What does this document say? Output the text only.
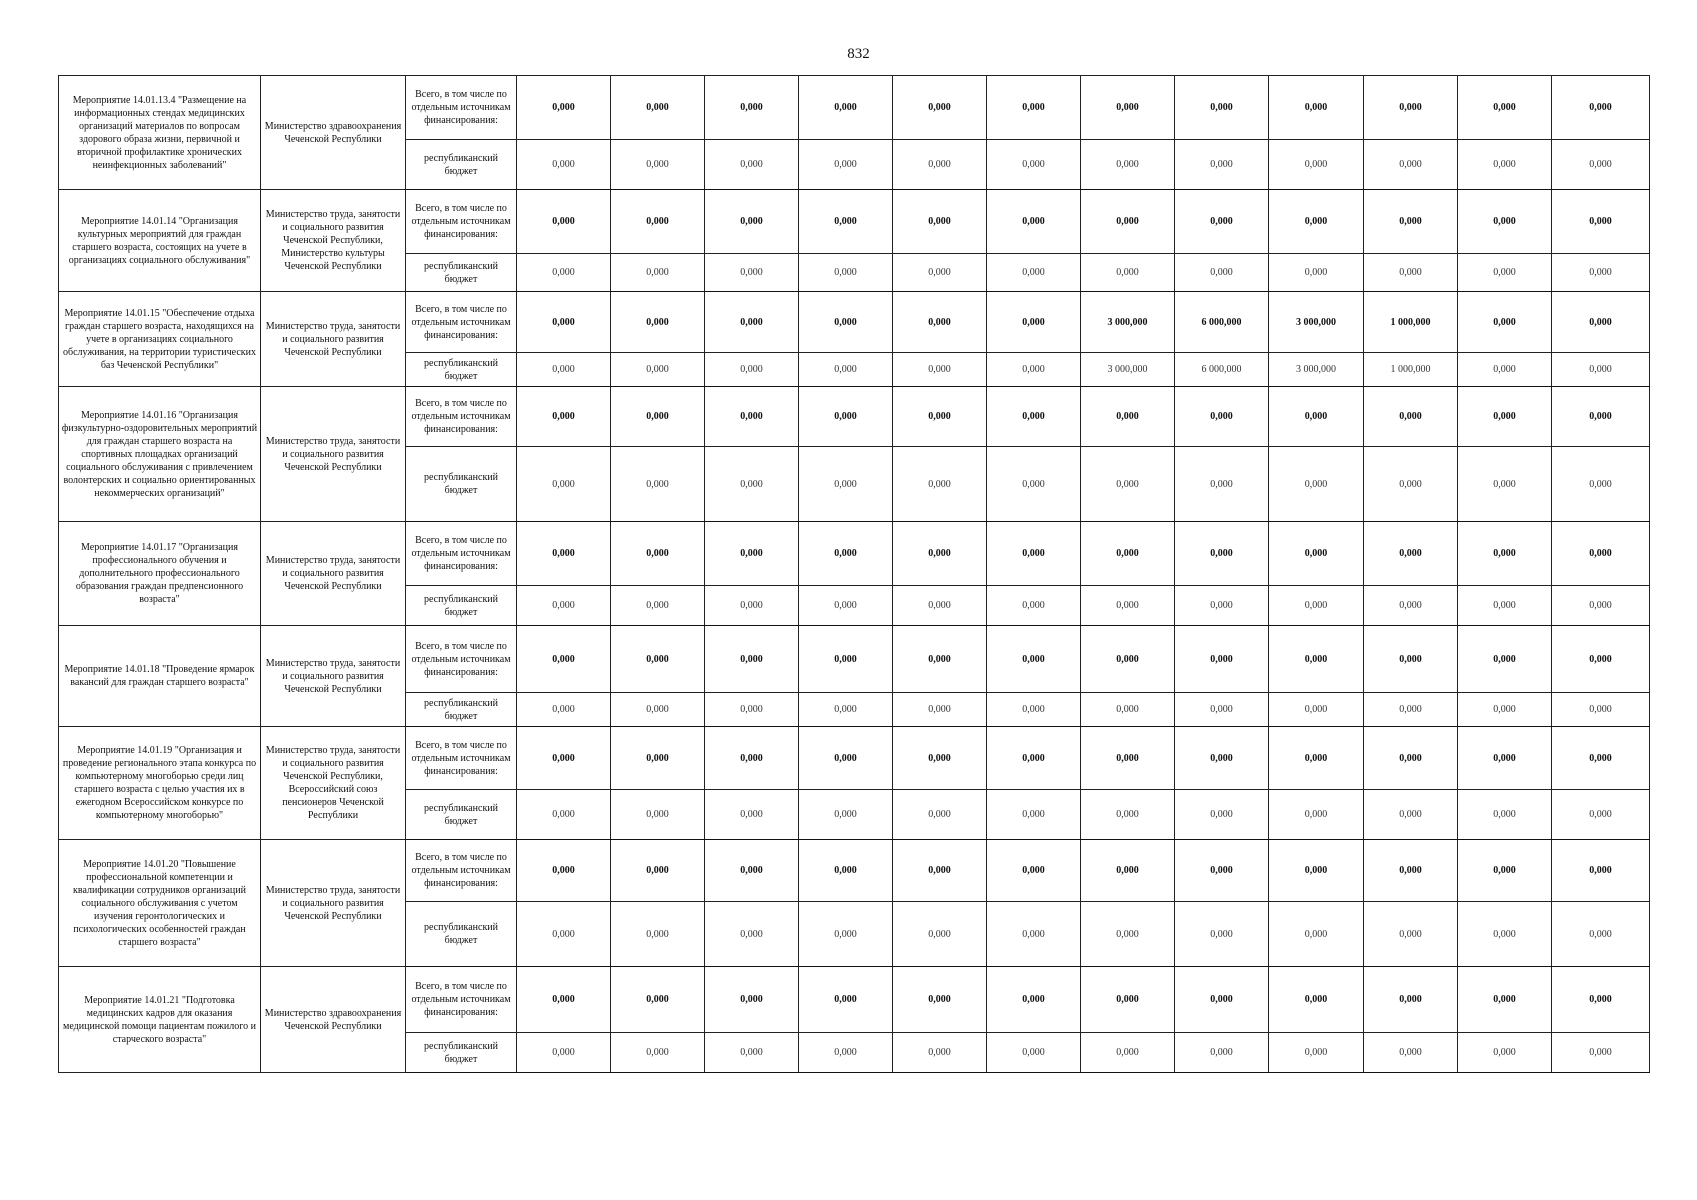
832
Мероприятие 14.01.13.4 "Размещение на информационных стендах медицинских организаций материалов по вопросам здорового образа жизни, первичной и вторичной профилактике хронических неинфекционных заболеваний"	Министерство здравоохранения Чеченской Республики	Всего, в том числе по отдельным источникам финансирования:	0,000	0,000	0,000	0,000	0,000	0,000	0,000	0,000	0,000	0,000	0,000	0,000
		республиканский бюджет	0,000	0,000	0,000	0,000	0,000	0,000	0,000	0,000	0,000	0,000	0,000	0,000
Мероприятие 14.01.14 "Организация культурных мероприятий для граждан старшего возраста, состоящих на учете в организациях социального обслуживания"	Министерство труда, занятости и социального развития Чеченской Республики, Министерство культуры Чеченской Республики	Всего, в том числе по отдельным источникам финансирования:	0,000	0,000	0,000	0,000	0,000	0,000	0,000	0,000	0,000	0,000	0,000	0,000
		республиканский бюджет	0,000	0,000	0,000	0,000	0,000	0,000	0,000	0,000	0,000	0,000	0,000	0,000
Мероприятие 14.01.15 "Обеспечение отдыха граждан старшего возраста, находящихся на учете в организациях социального обслуживания, на территории туристических баз Чеченской Республики"	Министерство труда, занятости и социального развития Чеченской Республики	Всего, в том числе по отдельным источникам финансирования:	0,000	0,000	0,000	0,000	0,000	0,000	3 000,000	6 000,000	3 000,000	1 000,000	0,000	0,000
		республиканский бюджет	0,000	0,000	0,000	0,000	0,000	0,000	3 000,000	6 000,000	3 000,000	1 000,000	0,000	0,000
Мероприятие 14.01.16 "Организация физкультурно-оздоровительных мероприятий для граждан старшего возраста на спортивных площадках организаций социального обслуживания с привлечением волонтерских и социально ориентированных некоммерческих организаций"	Министерство труда, занятости и социального развития Чеченской Республики	Всего, в том числе по отдельным источникам финансирования:	0,000	0,000	0,000	0,000	0,000	0,000	0,000	0,000	0,000	0,000	0,000	0,000
		республиканский бюджет	0,000	0,000	0,000	0,000	0,000	0,000	0,000	0,000	0,000	0,000	0,000	0,000
Мероприятие 14.01.17 "Организация профессионального обучения и дополнительного профессионального образования граждан предпенсионного возраста"	Министерство труда, занятости и социального развития Чеченской Республики	Всего, в том числе по отдельным источникам финансирования:	0,000	0,000	0,000	0,000	0,000	0,000	0,000	0,000	0,000	0,000	0,000	0,000
		республиканский бюджет	0,000	0,000	0,000	0,000	0,000	0,000	0,000	0,000	0,000	0,000	0,000	0,000
Мероприятие 14.01.18 "Проведение ярмарок вакансий для граждан старшего возраста"	Министерство труда, занятости и социального развития Чеченской Республики	Всего, в том числе по отдельным источникам финансирования:	0,000	0,000	0,000	0,000	0,000	0,000	0,000	0,000	0,000	0,000	0,000	0,000
		республиканский бюджет	0,000	0,000	0,000	0,000	0,000	0,000	0,000	0,000	0,000	0,000	0,000	0,000
Мероприятие 14.01.19 "Организация и проведение регионального этапа конкурса по компьютерному многоборью среди лиц старшего возраста с целью участия их в ежегодном Всероссийском конкурсе по компьютерному многоборью"	Министерство труда, занятости и социального развития Чеченской Республики, Всероссийский союз пенсионеров Чеченской Республики	Всего, в том числе по отдельным источникам финансирования:	0,000	0,000	0,000	0,000	0,000	0,000	0,000	0,000	0,000	0,000	0,000	0,000
		республиканский бюджет	0,000	0,000	0,000	0,000	0,000	0,000	0,000	0,000	0,000	0,000	0,000	0,000
Мероприятие 14.01.20 "Повышение профессиональной компетенции и квалификации сотрудников организаций социального обслуживания с учетом изучения геронтологических и психологических особенностей граждан старшего возраста"	Министерство труда, занятости и социального развития Чеченской Республики	Всего, в том числе по отдельным источникам финансирования:	0,000	0,000	0,000	0,000	0,000	0,000	0,000	0,000	0,000	0,000	0,000	0,000
		республиканский бюджет	0,000	0,000	0,000	0,000	0,000	0,000	0,000	0,000	0,000	0,000	0,000	0,000
Мероприятие 14.01.21 "Подготовка медицинских кадров для оказания медицинской помощи пациентам пожилого и старческого возраста"	Министерство здравоохранения Чеченской Республики	Всего, в том числе по отдельным источникам финансирования:	0,000	0,000	0,000	0,000	0,000	0,000	0,000	0,000	0,000	0,000	0,000	0,000
		республиканский бюджет	0,000	0,000	0,000	0,000	0,000	0,000	0,000	0,000	0,000	0,000	0,000	0,000
